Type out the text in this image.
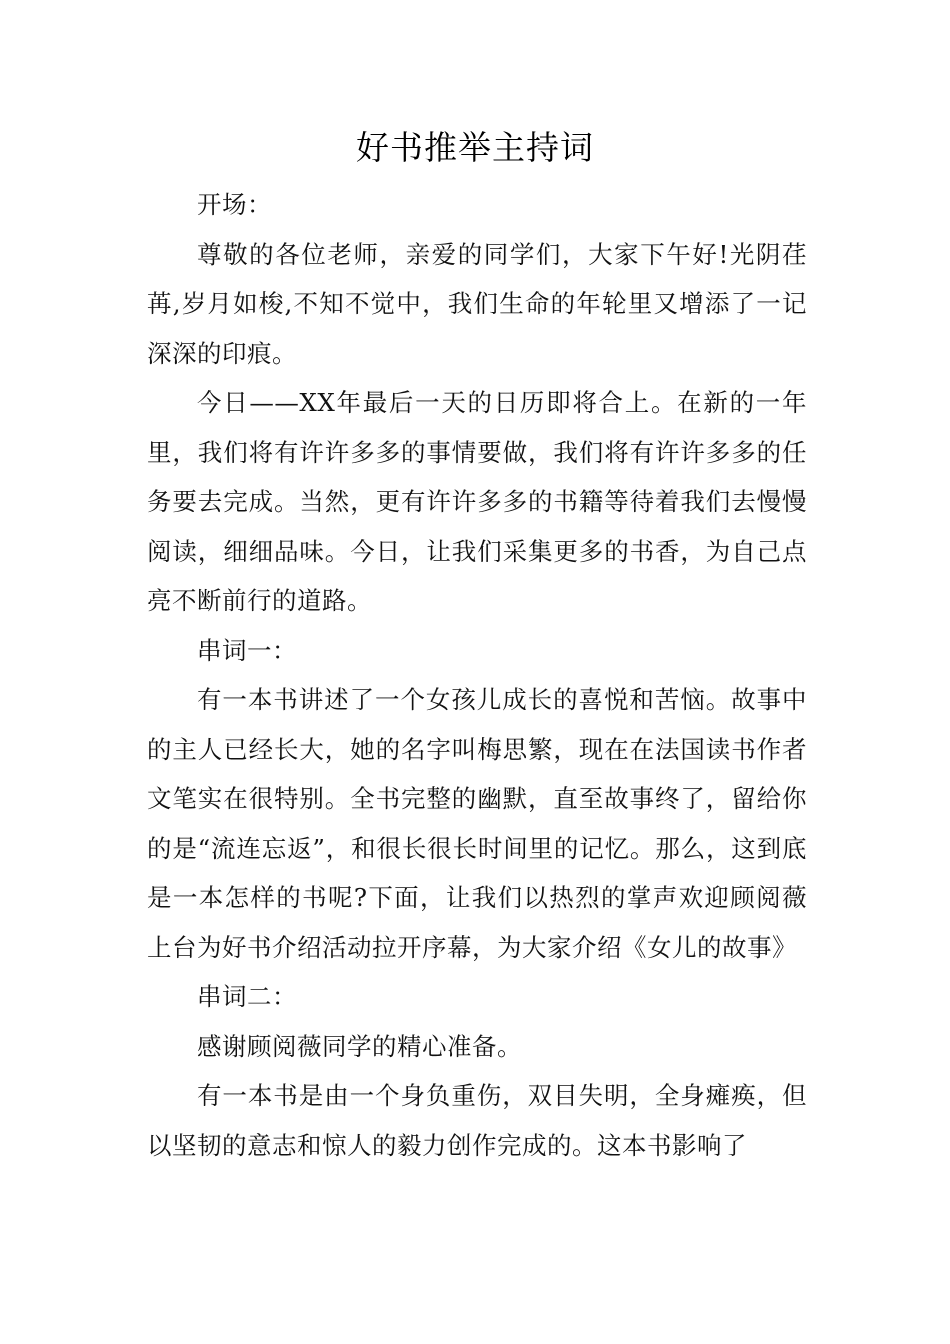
好书推举主持词

开场：

尊敬的各位老师，亲爱的同学们，大家下午好!光阴荏苒,岁月如梭,不知不觉中，我们生命的年轮里又增添了一记深深的印痕。

今日——XX年最后一天的日历即将合上。在新的一年里，我们将有许许多多的事情要做，我们将有许许多多的任务要去完成。当然，更有许许多多的书籍等待着我们去慢慢阅读，细细品味。今日，让我们采集更多的书香，为自己点亮不断前行的道路。

串词一：

有一本书讲述了一个女孩儿成长的喜悦和苦恼。故事中的主人已经长大，她的名字叫梅思繁，现在在法国读书作者文笔实在很特别。全书完整的幽默，直至故事终了，留给你的是“流连忘返”，和很长很长时间里的记忆。那么，这到底是一本怎样的书呢?下面，让我们以热烈的掌声欢迎顾阅薇上台为好书介绍活动拉开序幕，为大家介绍《女儿的故事》

串词二：

感谢顾阅薇同学的精心准备。

有一本书是由一个身负重伤，双目失明，全身瘫痪，但以坚韧的意志和惊人的毅力创作完成的。这本书影响了
